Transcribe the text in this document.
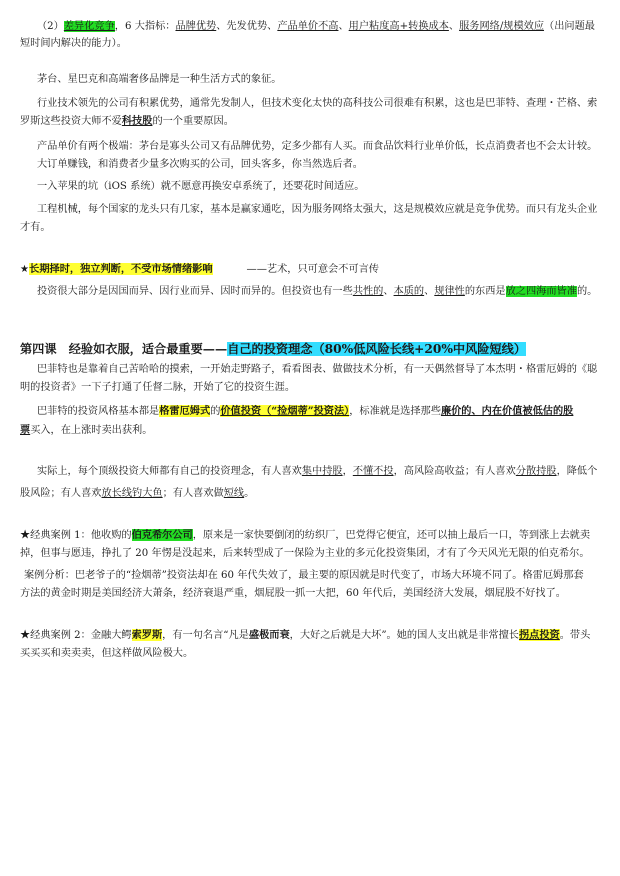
（2）差异化竞争，6 大指标：品牌优势、先发优势、产品单价不高、用户粘度高+转换成本、服务网络/规模效应（出问题最
短时间内解决的能力）。
茅台、星巴克和高端奢侈品牌是一种生活方式的象征。
行业技术领先的公司有积累优势，通常先发制人，但技术变化太快的高科技公司很难有积累，这也是巴菲特、查理・芒格、索
罗斯这些投资大师不爱科技股的一个重要原因。
产品单价有两个极端：茅台是寡头公司又有品牌优势，定多少都有人买。而食品饮料行业单价低，长点消费者也不会太计较。
大订单赚钱，和消费者少量多次购买的公司，回头客多，你当然选后者。
一入苹果的坑（iOS 系统）就不愿意再换安卓系统了，还要花时间适应。
工程机械，每个国家的龙头只有几家，基本是赢家通吃，因为服务网络太强大，这是规模效应就是竞争优势。而只有龙头企业
才有。
★长期择时，独立判断，不受市场情绪影响	——艺术，只可意会不可言传
投资很大部分是因国而异、因行业而异、因时而异的。但投资也有一些共性的、本质的、规律性的东西是放之四海而皆准的。
第四课　经验如衣服，适合最重要——自己的投资理念（80%低风险长线+20%中风险短线）
巴菲特也是靠着自己苦哈哈的摸索，一开始走野路子，看看图表、做做技术分析，有一天偶然督导了本杰明・格雷厄姆的《聪
明的投资者》一下子打通了任督二脉，开始了它的投资生涯。
巴菲特的投资风格基本都是格雷厄姆式的价值投资（“捡烟蒂”投资法），标准就是选择那些廉价的、内在价值被低估的股
票买入，在上涨时卖出获利。
实际上，每个顶级投资大师都有自己的投资理念，有人喜欢集中持股，不懂不投，高风险高收益；有人喜欢分散持股，降低个
股风险；有人喜欢放长线钓大鱼；有人喜欢做短线。
★经典案例 1：他收购的伯克希尔公司，原来是一家快要倒闭的纺织厂，巴党得它便宜，还可以抽上最后一口，等到涨上去就卖
掉，但事与愿违，挣扎了 20 年愣是没起来，后来转型成了一保险为主业的多元化投资集团，才有了今天风光无限的伯克希尔。
案例分析：巴老爷子的“捡烟蒂”投资法却在 60 年代失效了，最主要的原因就是时代变了，市场大环境不同了。格雷厄姆那套
方法的黄金时期是美国经济大萧条，经济衰退严重，烟屁股一抓一大把，60 年代后，美国经济大发展，烟屁股不好找了。
★经典案例 2：金融大鳄索罗斯，有一句名言“凡是盛极而衰，大好之后就是大坏”。她的国人支出就是非常擅长拐点投资。带头
买买买和卖卖卖，但这样做风险极大。
